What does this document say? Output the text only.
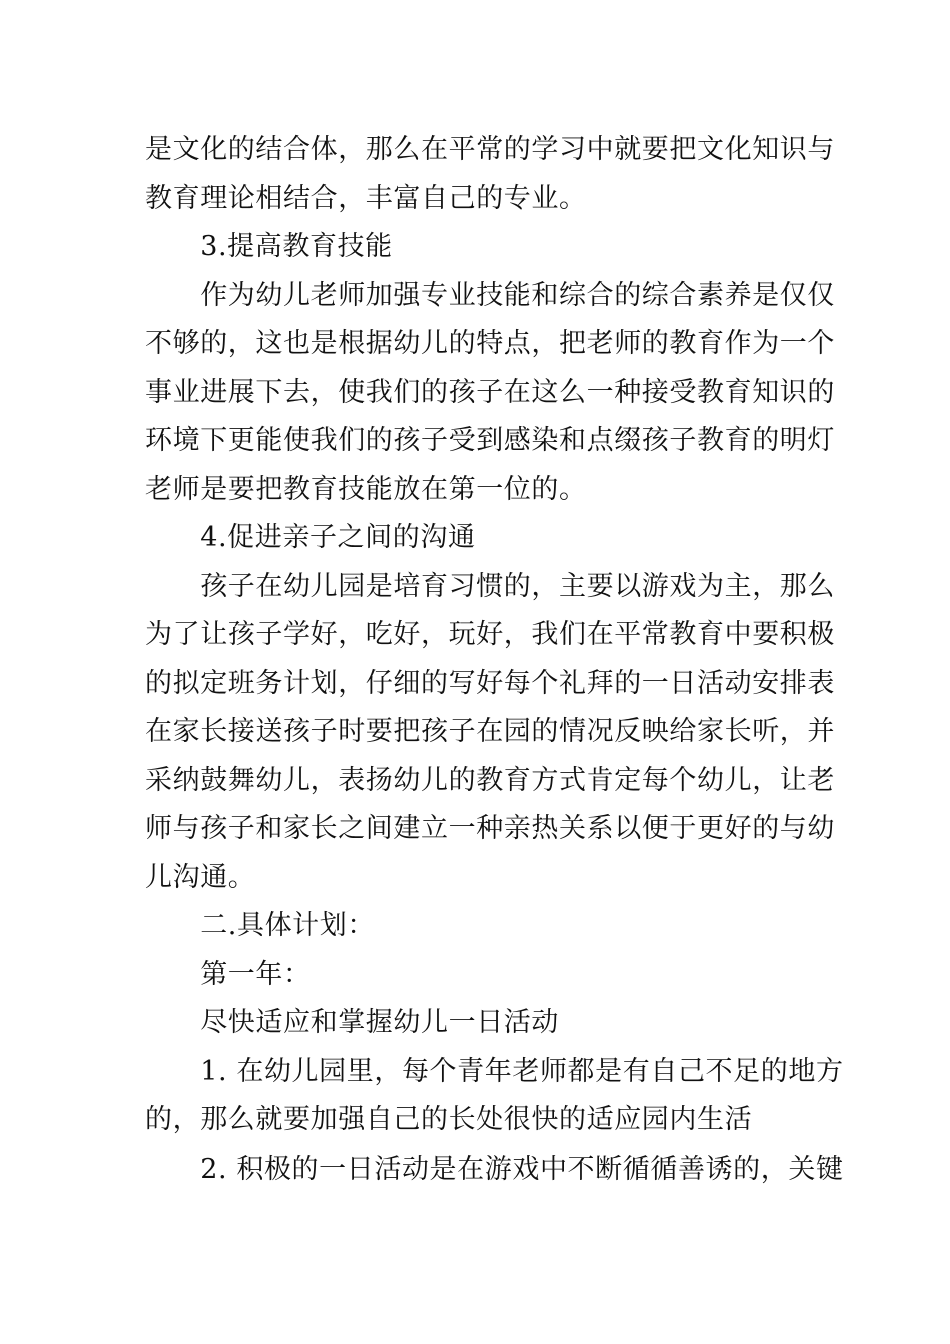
是文化的结合体，那么在平常的学习中就要把文化知识与

教育理论相结合，丰富自己的专业。

　　3.提高教育技能

　　作为幼儿老师加强专业技能和综合的综合素养是仅仅

不够的，这也是根据幼儿的特点，把老师的教育作为一个

事业进展下去，使我们的孩子在这么一种接受教育知识的

环境下更能使我们的孩子受到感染和点缀孩子教育的明灯

老师是要把教育技能放在第一位的。

　　4.促进亲子之间的沟通

　　孩子在幼儿园是培育习惯的，主要以游戏为主，那么

为了让孩子学好，吃好，玩好，我们在平常教育中要积极

的拟定班务计划，仔细的写好每个礼拜的一日活动安排表

在家长接送孩子时要把孩子在园的情况反映给家长听，并

采纳鼓舞幼儿，表扬幼儿的教育方式肯定每个幼儿，让老

师与孩子和家长之间建立一种亲热关系以便于更好的与幼

儿沟通。

　　二.具体计划：

　　第一年：

　　尽快适应和掌握幼儿一日活动

　　1. 在幼儿园里，每个青年老师都是有自己不足的地方

的，那么就要加强自己的长处很快的适应园内生活

　　2. 积极的一日活动是在游戏中不断循循善诱的，关键
